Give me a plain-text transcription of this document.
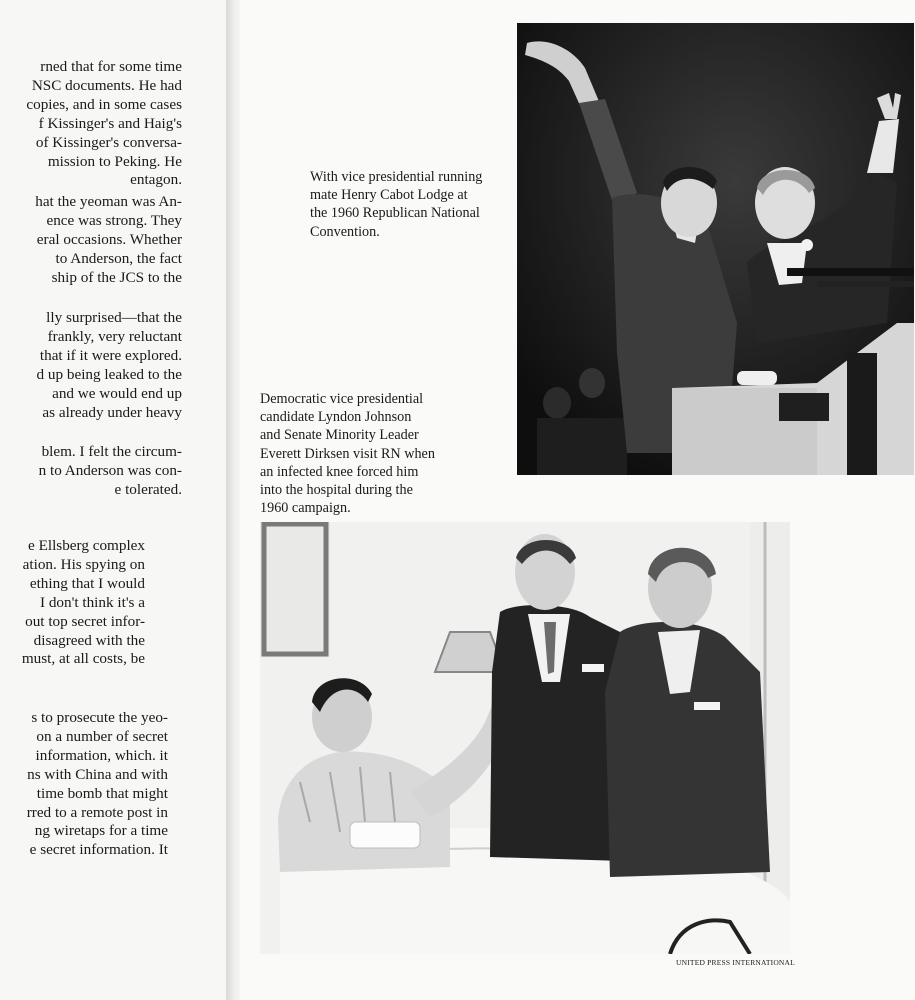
rned that for some time
NSC documents. He had
copies, and in some cases
f Kissinger's and Haig's
of Kissinger's conversa-
mission to Peking. He
entagon.
hat the yeoman was An-
ence was strong. They
eral occasions. Whether
to Anderson, the fact
ship of the JCS to the
lly surprised—that the
frankly, very reluctant
that if it were explored.
d up being leaked to the
and we would end up
as already under heavy
blem. I felt the circum-
n to Anderson was con-
e tolerated.
e Ellsberg complex
ation. His spying on
ething that I would
I don't think it's a
out top secret infor-
disagreed with the
must, at all costs, be
s to prosecute the yeo-
on a number of secret
information, which. it
ns with China and with
time bomb that might
rred to a remote post in
ng wiretaps for a time
e secret information. It
With vice presidential running
mate Henry Cabot Lodge at
the 1960 Republican National
Convention.
Democratic vice presidential
candidate Lyndon Johnson
and Senate Minority Leader
Everett Dirksen visit RN when
an infected knee forced him
into the hospital during the
1960 campaign.
UNITED PRESS INTERNATIONAL
